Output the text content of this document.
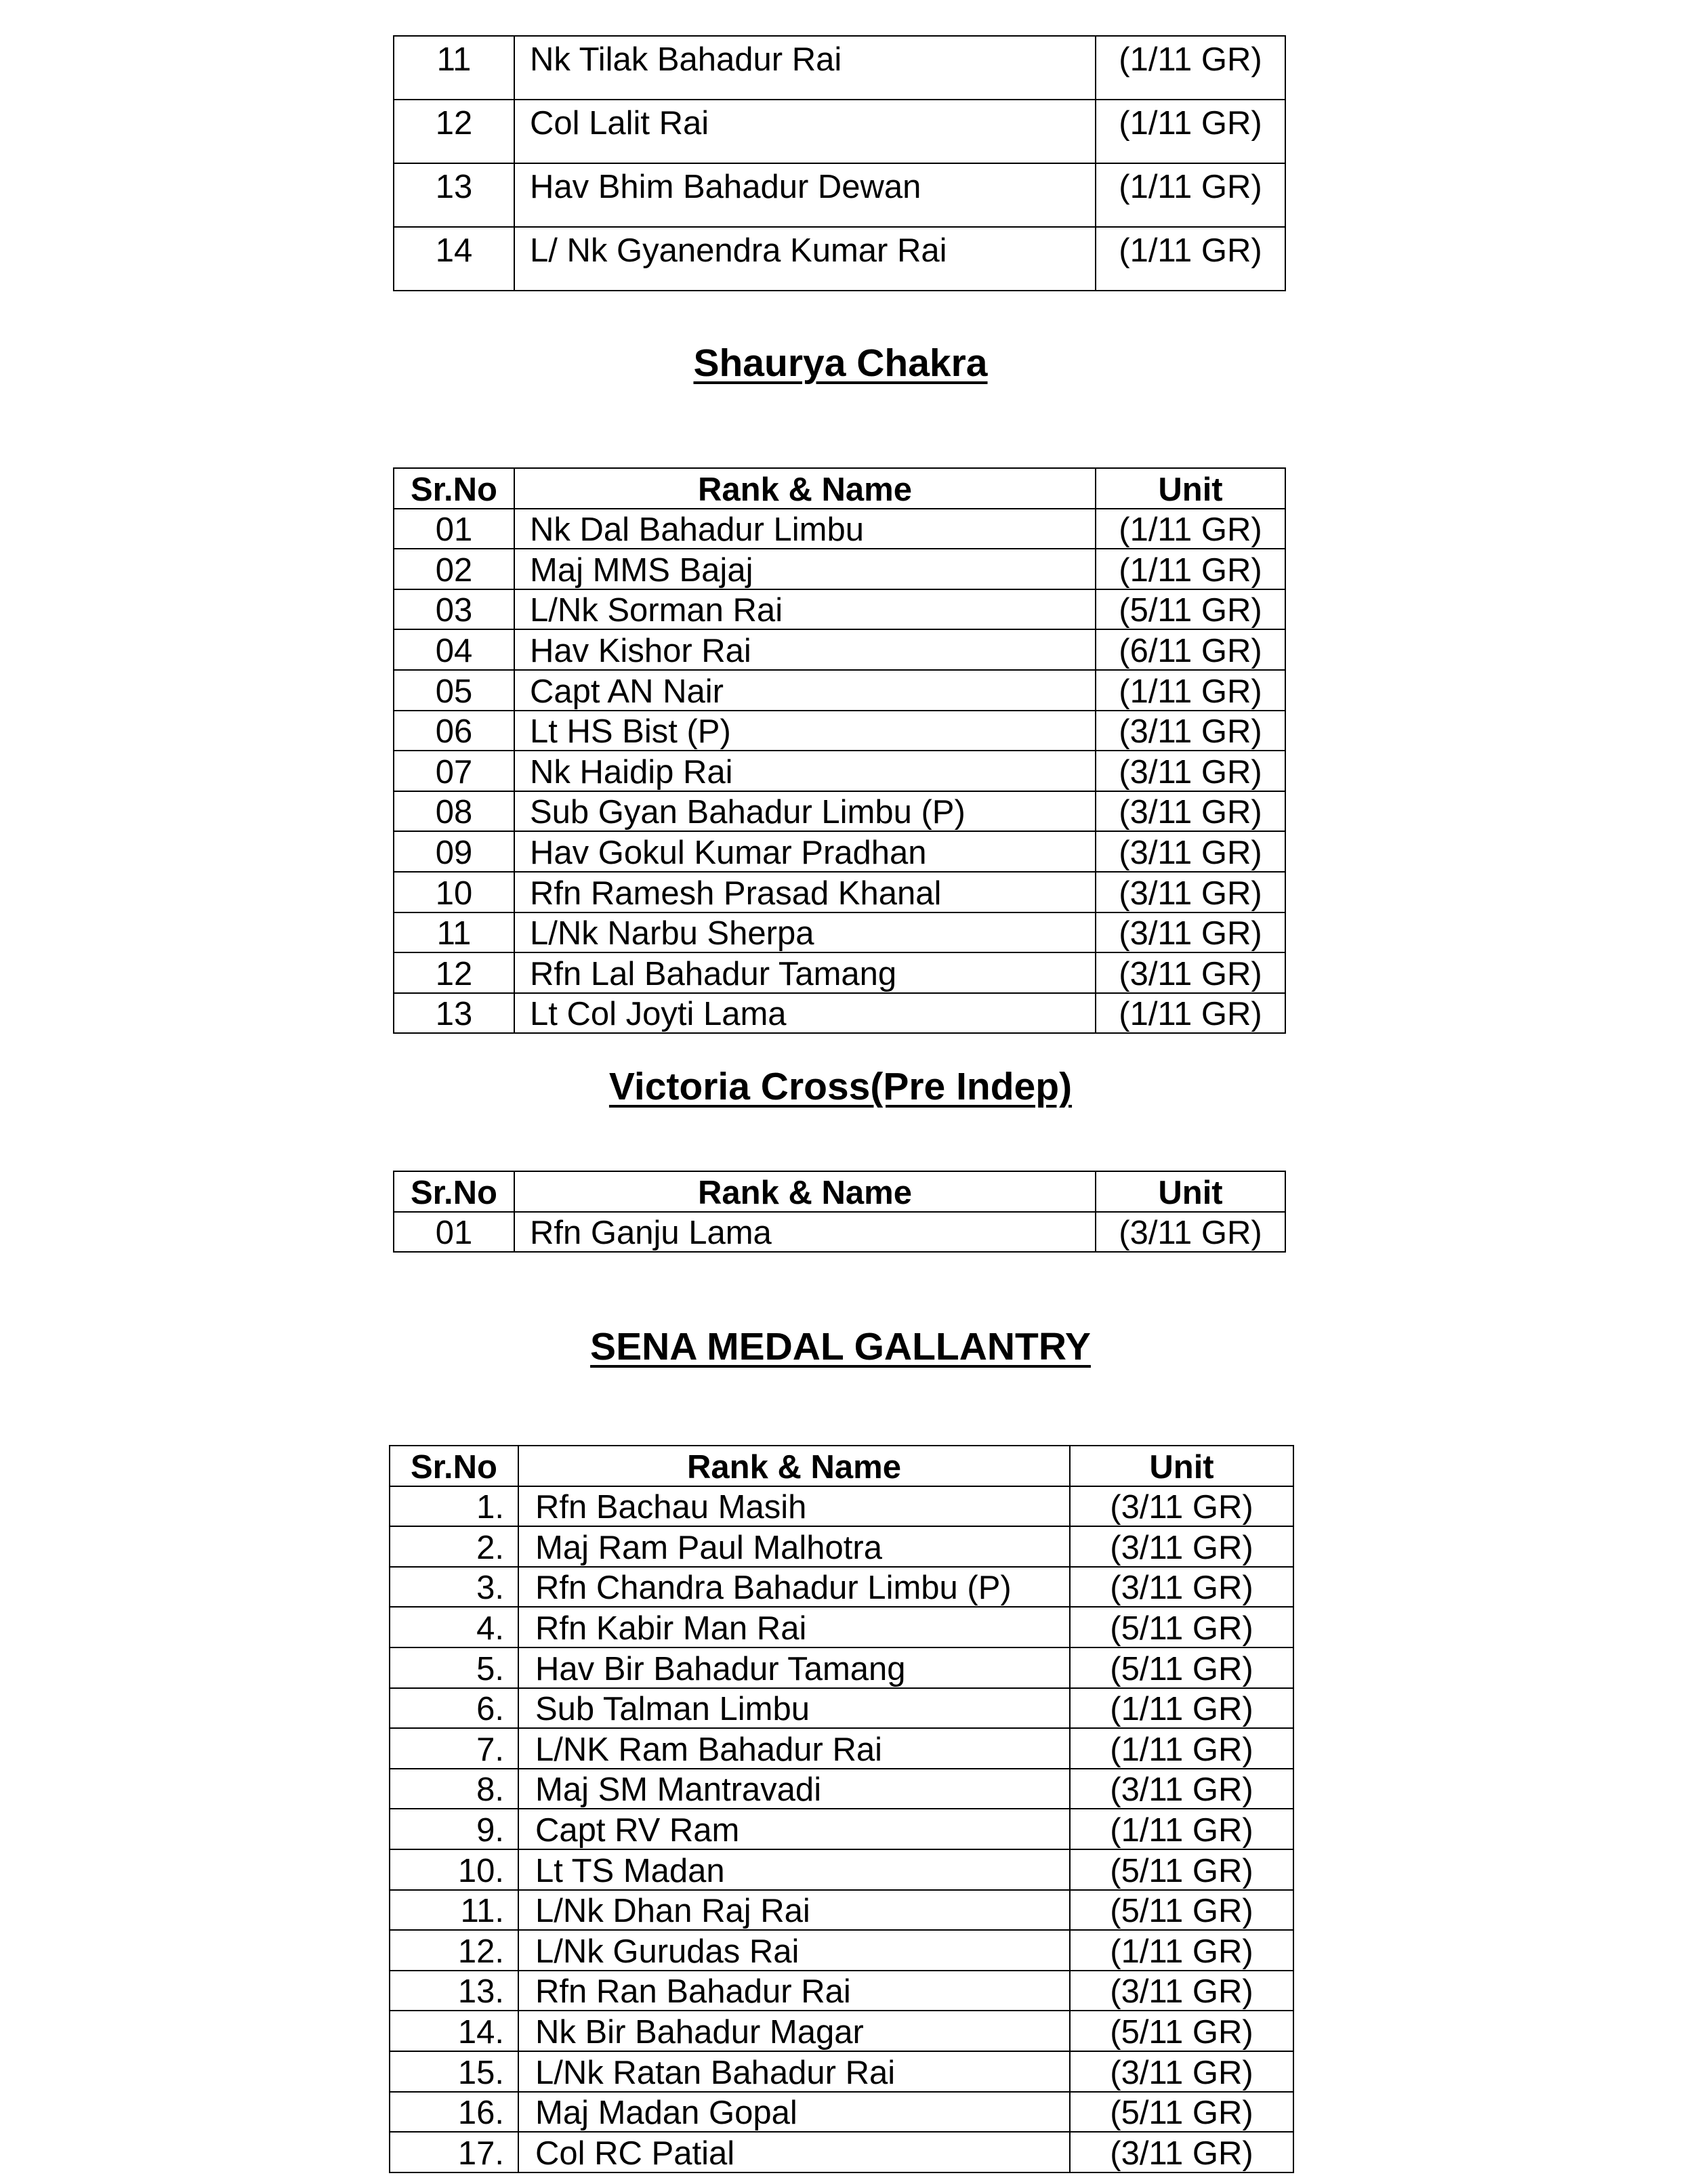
11	Nk Tilak Bahadur Rai	(1/11 GR)
12	Col Lalit Rai	(1/11 GR)
13	Hav Bhim Bahadur Dewan	(1/11 GR)
14	L/ Nk Gyanendra Kumar Rai	(1/11 GR)
Shaurya Chakra
Sr.No	Rank & Name	Unit
01	Nk Dal Bahadur Limbu	(1/11 GR)
02	Maj MMS Bajaj	(1/11 GR)
03	L/Nk Sorman Rai	(5/11 GR)
04	Hav Kishor Rai	(6/11 GR)
05	Capt AN Nair	(1/11 GR)
06	Lt HS Bist (P)	(3/11 GR)
07	Nk Haidip Rai	(3/11 GR)
08	Sub Gyan Bahadur Limbu (P)	(3/11 GR)
09	Hav Gokul Kumar Pradhan	(3/11 GR)
10	Rfn Ramesh Prasad Khanal	(3/11 GR)
11	L/Nk Narbu Sherpa	(3/11 GR)
12	Rfn Lal Bahadur Tamang	(3/11 GR)
13	Lt Col Joyti Lama	(1/11 GR)
Victoria Cross(Pre Indep)
Sr.No	Rank & Name	Unit
01	Rfn Ganju Lama	(3/11 GR)
SENA MEDAL GALLANTRY
Sr.No	Rank & Name	Unit
1.	Rfn Bachau Masih	(3/11 GR)
2.	Maj Ram Paul Malhotra	(3/11 GR)
3.	Rfn Chandra Bahadur Limbu (P)	(3/11 GR)
4.	Rfn Kabir Man Rai	(5/11 GR)
5.	Hav Bir Bahadur Tamang	(5/11 GR)
6.	Sub Talman Limbu	(1/11 GR)
7.	L/NK Ram Bahadur Rai	(1/11 GR)
8.	Maj SM Mantravadi	(3/11 GR)
9.	Capt RV Ram	(1/11 GR)
10.	Lt TS Madan	(5/11 GR)
11.	L/Nk Dhan Raj Rai	(5/11 GR)
12.	L/Nk Gurudas Rai	(1/11 GR)
13.	Rfn Ran Bahadur Rai	(3/11 GR)
14.	Nk Bir Bahadur Magar	(5/11 GR)
15.	L/Nk Ratan Bahadur Rai	(3/11 GR)
16.	Maj Madan Gopal	(5/11 GR)
17.	Col RC Patial	(3/11 GR)
